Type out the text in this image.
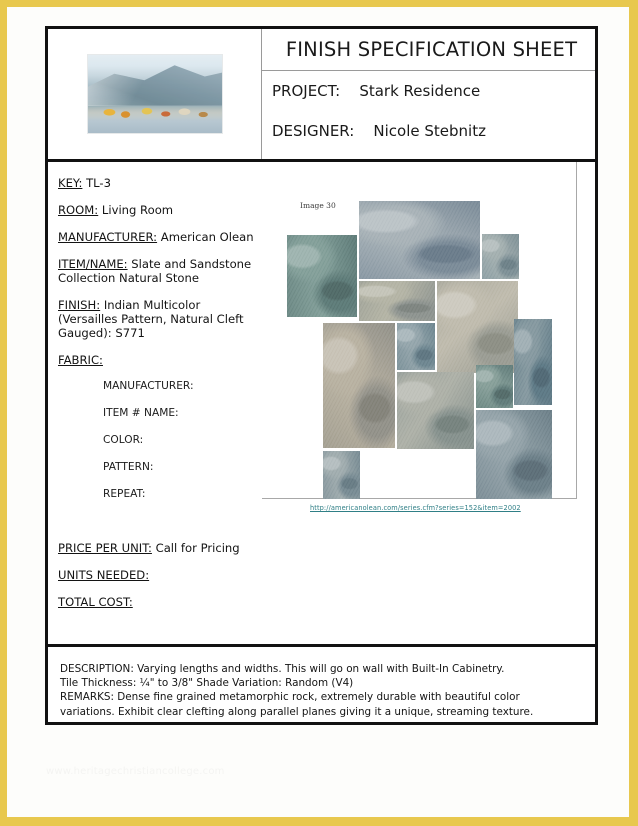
FINISH SPECIFICATION SHEET
PROJECT: Stark Residence
DESIGNER: Nicole Stebnitz
KEY: TL-3
ROOM: Living Room
MANUFACTURER: American Olean
ITEM/NAME: Slate and Sandstone Collection Natural Stone
FINISH: Indian Multicolor (Versailles Pattern, Natural Cleft Gauged): S771
FABRIC:
MANUFACTURER:
ITEM # NAME:
COLOR:
PATTERN:
REPEAT:
PRICE PER UNIT: Call for Pricing
UNITS NEEDED:
TOTAL COST:
Image 30
http://americanolean.com/series.cfm?series=152&item=2002
DESCRIPTION: Varying lengths and widths. This will go on wall with Built-In Cabinetry.
Tile Thickness: ¼" to 3/8" Shade Variation: Random (V4)
REMARKS: Dense fine grained metamorphic rock, extremely durable with beautiful color
variations. Exhibit clear clefting along parallel planes giving it a unique, streaming texture.
www.heritagechristiancollege.com
